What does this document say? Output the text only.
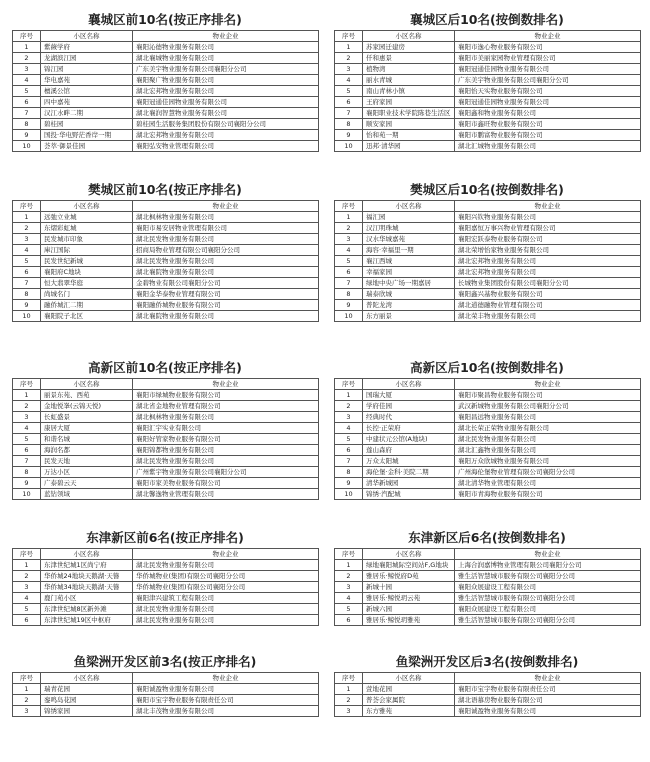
襄城区前10名(按正序排名)
序号	小区名称	物业企业
1	紫薇学府	襄阳沁德物业服务有限公司
2	龙湖滨江园	湖北襄城物业服务有限公司
3	锦江园	广东美宇物业服务有限公司襄阳分公司
4	华电嘉苑	襄阳聚广物业服务有限公司
5	檀溪公馆	湖北宏邦物业服务有限公司
6	四中嘉苑	襄阳冠通佳园物业服务有限公司
7	汉江水畔二期	湖北襄润智慧物业服务有限公司
8	碧桂园	碧桂园生活服务集团股份有限公司襄阳分公司
9	国投·华电野茫香岸一期	湖北宏邦物业服务有限公司
10	荟萃·御景佳园	襄阳弘安物业管理有限公司
樊城区前10名(按正序排名)
序号	小区名称	物业企业
1	远弛立业城	湖北枫林物业服务有限公司
2	东熠彩虹城	襄阳市易安居物业管理有限公司
3	民发城市印象	湖北民发物业服务有限公司
4	庫江国际	招商局物业管理有限公司襄阳分公司
5	民发世纪新城	湖北民发物业服务有限公司
6	襄阳府C地块	湖北襄院物业服务有限公司
7	恒大翡翠华庭	金碧物业有限公司襄阳分公司
8	尚城名门	襄阳金华泰物业管理有限公司
9	融侨城汇二期	襄阳融侨城物业服务有限公司
10	襄阳院子北区	湖北襄院物业服务有限公司
高新区前10名(按正序排名)
序号	小区名称	物业企业
1	丽景东苑、西苑	襄阳市绿城物业服务有限公司
2	金地悦峯(云锦天悦)	湖北省金地物业管理有限公司
3	长虹盛景	湖北枫林物业服务有限公司
4	康居大厦	襄阳汇宇实业有限公司
5	和谐名城	襄阳好管家物业服务有限公司
6	海润名都	襄阳锦都物业服务有限公司
7	民发天地	湖北民发物业服务有限公司
8	万达小区	广州紫宇物业服务有限公司襄阳分公司
9	广泰碧云天	襄阳市家美物业服务有限公司
10	蓝钻领域	湖北馨逸物业管理有限公司
东津新区前6名(按正序排名)
序号	小区名称	物业企业
1	东津世纪城1区尚宁府	湖北民发物业服务有限公司
2	华侨城24地块天鹅湖·天簪	华侨城物业(集团)有限公司襄阳分公司
3	华侨城34地块天鹅湖·天簪	华侨城物业(集团)有限公司襄阳分公司
4	鹿门苑小区	襄阳津兴建筑工程有限公司
5	东津世纪城8区新外滩	湖北民发物业服务有限公司
6	东津世纪城19区中枢府	湖北民发物业服务有限公司
鱼梁洲开发区前3名(按正序排名)
序号	小区名称	物业企业
1	瑞青花园	襄阳诚盈物业服务有限公司
2	銮鸣岛花园	襄阳市宝宇物业服务有限责任公司
3	锦绣家园	湖北丰茂物业服务有限公司
襄城区后10名(按倒数排名)
序号	小区名称	物业企业
1	苏家园迁建房	襄阳市逸心物业服务有限公司
2	仟和惠景	襄阳市美丽家园物业管理有限公司
3	植物湾	襄阳冠通佳园物业服务有限公司
4	丽水青城	广东美宇物业服务有限公司襄阳分公司
5	南山青林小镇	襄阳怡天实物业服务有限公司
6	王府家园	襄阳冠通佳园物业服务有限公司
7	襄阳职业技术学院陈巷生活区	襄阳鑫和物业服务有限公司
8	顺安家园	襄阳市鑫旺物业服务有限公司
9	怡和苑一期	襄阳市鹏富物业服务有限公司
10	迅邦·清华园	湖北汇城物业服务有限公司
樊城区后10名(按倒数排名)
序号	小区名称	物业企业
1	福汇园	襄阳兴钦物业服务有限公司
2	汉江明珠城	襄阳嘉恒万事兴物业管理有限公司
3	汉水华城嘉苑	襄阳宏跃泰物业服务有限公司
4	海容·幸福里一期	湖北荣增怡家物业服务有限公司
5	襄江西城	湖北宏邦物业服务有限公司
6	幸福家园	湖北宏邦物业服务有限公司
7	绿地中央广场一期嘉居	长城物业集团股份有限公司襄阳分公司
8	瑞泰欣城	襄阳鑫兴基物业服务有限公司
9	普陀龙湾	湖北道德融物业管理有限公司
10	东方丽景	湖北荣丰物业服务有限公司
高新区后10名(按倒数排名)
序号	小区名称	物业企业
1	国瑞大厦	襄阳市聚昌物业服务有限公司
2	学府佳园	武汉新城物业服务有限公司襄阳分公司
3	经典时代	襄阳昌远物业服务有限公司
4	长控·正荣府	湖北长荣正荣物业服务有限公司
5	中建状元公馆(A地块)	湖北民发物业服务有限公司
6	莲山森府	湖北汇鑫物业服务有限公司
7	万众太阳城	襄阳万众欣城物业服务有限公司
8	海伦堡·金科·美院二期	广州海伦堡物业管理有限公司襄阳分公司
9	清华新城园	湖北清华物业管理有限公司
10	锦绣·汽配城	襄阳市青海物业服务有限公司
东津新区后6名(按倒数排名)
序号	小区名称	物业企业
1	绿地襄阳城际空间站F,G地块	上海合润嘉博物业管理有限公司襄阳分公司
2	雅居乐·鲸悦府D苑	雅生活智慧城市服务有限公司襄阳分公司
3	新城十园	襄阳众展建设工程有限公司
4	雅居乐·鲸悦玥云苑	雅生活智慧城市服务有限公司襄阳分公司
5	新城六园	襄阳众展建设工程有限公司
6	雅居乐·鲸悦玥雅苑	雅生活智慧城市服务有限公司襄阳分公司
鱼梁洲开发区后3名(按倒数排名)
序号	小区名称	物业企业
1	萱地花园	襄阳市宝宇物业服务有限责任公司
2	普荟会家属院	湖北语慕房物业服务有限公司
3	东方雅苑	襄阳诚盈物业服务有限公司
